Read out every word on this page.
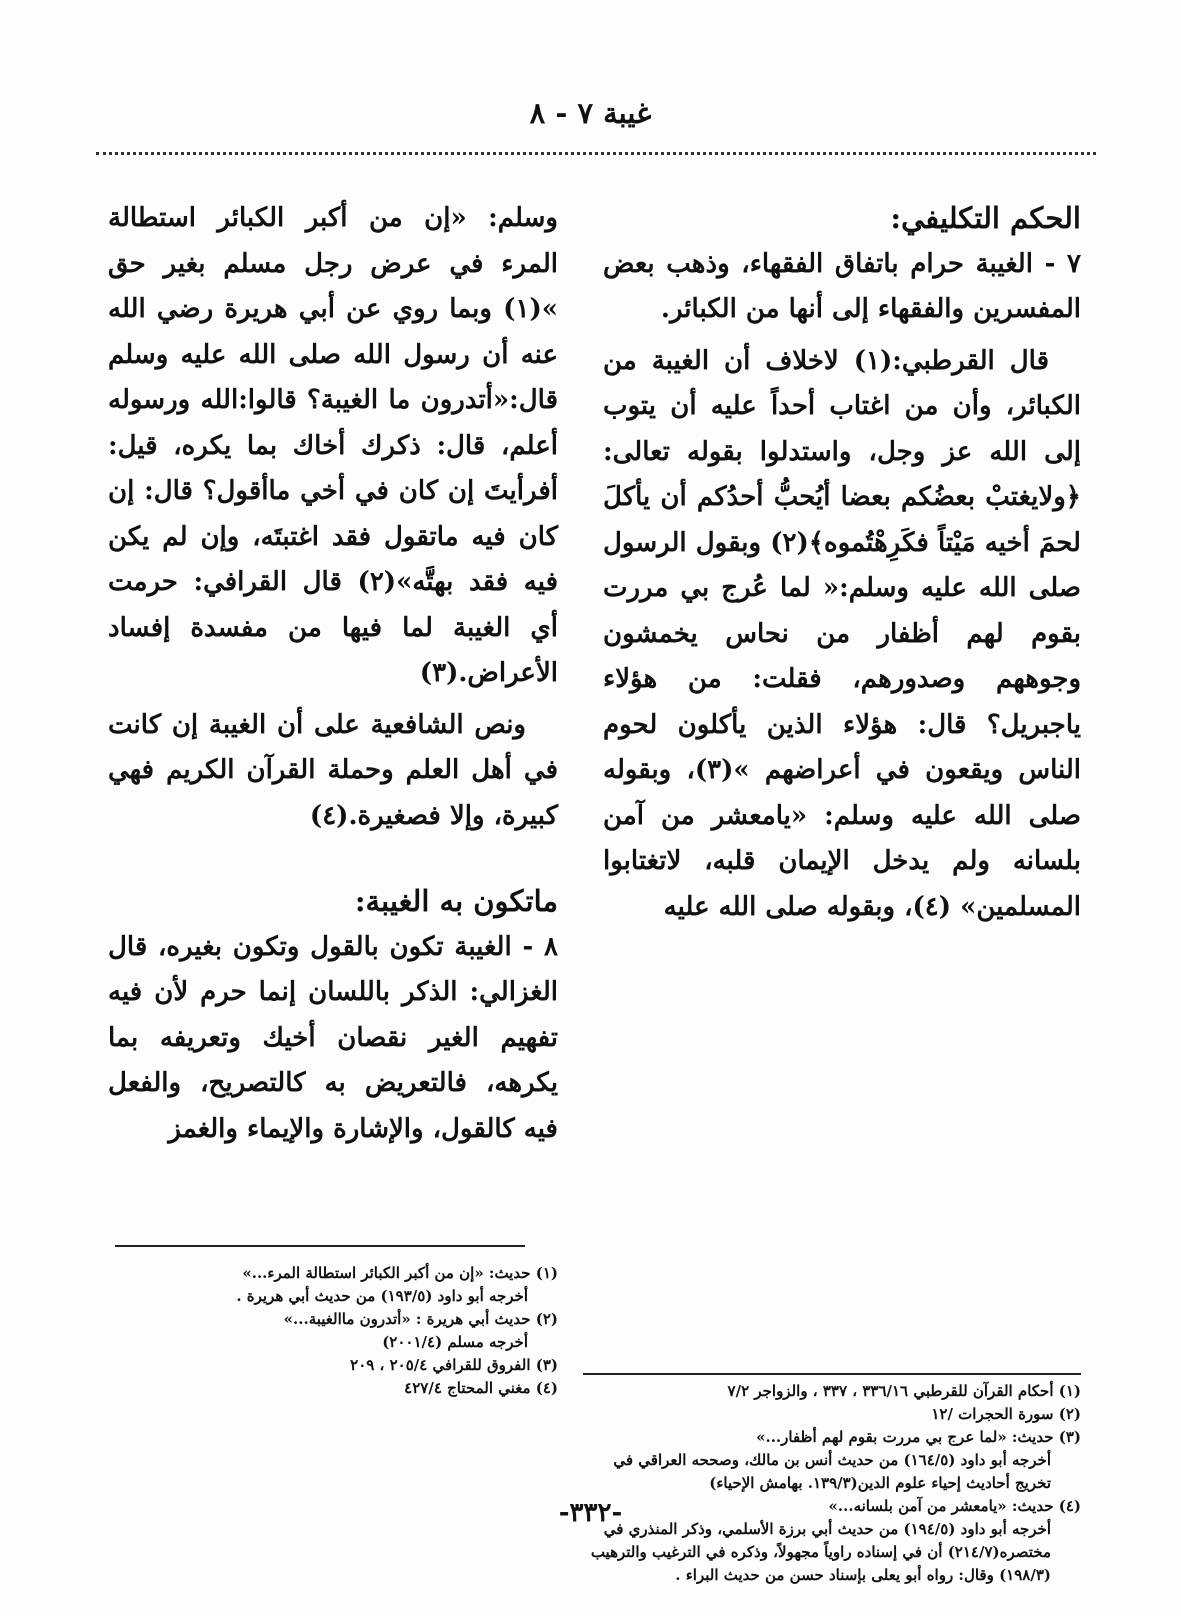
غيبة ٧ - ٨
الحكم التكليفي:

٧ - الغيبة حرام باتفاق الفقهاء، وذهب بعض المفسرين والفقهاء إلى أنها من الكبائر.

قال القرطبي:(١) لاخلاف أن الغيبة من الكبائر، وأن من اغتاب أحداً عليه أن يتوب إلى الله عز وجل، واستدلوا بقوله تعالى:﴿ولايغتبْ بعضُكم بعضا أيُحبُّ أحدُكم أن يأكلَ لحمَ أخيه مَيْتاً فكَرِهْتُموه﴾(٢) وبقول الرسول صلى الله عليه وسلم:« لما عُرج بي مررت بقوم لهم أظفار من نحاس يخمشون وجوههم وصدورهم، فقلت: من هؤلاء ياجبريل؟ قال: هؤلاء الذين يأكلون لحوم الناس ويقعون في أعراضهم »(٣)، وبقوله صلى الله عليه وسلم: «يامعشر من آمن بلسانه ولم يدخل الإيمان قلبه، لاتغتابوا المسلمين» (٤)، وبقوله صلى الله عليه

وسلم: «إن من أكبر الكبائر استطالة المرء في عرض رجل مسلم بغير حق »(١) وبما روي عن أبي هريرة رضي الله عنه أن رسول الله صلى الله عليه وسلم قال:«أتدرون ما الغيبة؟ قالوا:الله ورسوله أعلم، قال: ذكرك أخاك بما يكره، قيل: أفرأيتَ إن كان في أخي ماأقول؟ قال: إن كان فيه ماتقول فقد اغتبتَه، وإن لم يكن فيه فقد بهتَّه»(٢) قال القرافي: حرمت أي الغيبة لما فيها من مفسدة إفساد الأعراض.(٣)

ونص الشافعية على أن الغيبة إن كانت في أهل العلم وحملة القرآن الكريم فهي كبيرة، وإلا فصغيرة.(٤)

ماتكون به الغيبة:

٨ - الغيبة تكون بالقول وتكون بغيره، قال الغزالي: الذكر باللسان إنما حرم لأن فيه تفهيم الغير نقصان أخيك وتعريفه بما يكرهه، فالتعريض به كالتصريح، والفعل فيه كالقول، والإشارة والإيماء والغمز

(١) أحكام القرآن للقرطبي ٣٣٦/١٦ ، ٣٣٧ ، والزواجر ٧/٢

(٢) سورة الحجرات /١٢

(٣) حديث: «لما عرج بي مررت بقوم لهم أظفار...»

أخرجه أبو داود (١٦٤/٥) من حديث أنس بن مالك، وصححه العراقي في تخريج أحاديث إحياء علوم الدين(١٣٩/٣. بهامش الإحياء)

(٤) حديث: «يامعشر من آمن بلسانه...»

أخرجه أبو داود (١٩٤/٥) من حديث أبي برزة الأسلمي، وذكر المنذري في مختصره(٢١٤/٧) أن في إسناده راوياً مجهولاً، وذكره في الترغيب والترهيب (١٩٨/٣) وقال: رواه أبو يعلى بإسناد حسن من حديث البراء .

(١) حديث: «إن من أكبر الكبائر استطالة المرء...»

أخرجه أبو داود (١٩٣/٥) من حديث أبي هريرة .

(٢) حديث أبي هريرة : «أتدرون ماالغيبة...»

أخرجه مسلم (٢٠٠١/٤)

(٣) الفروق للقرافي ٢٠٥/٤ ، ٢٠٩

(٤) مغني المحتاج ٤٢٧/٤

-٣٣٢-
